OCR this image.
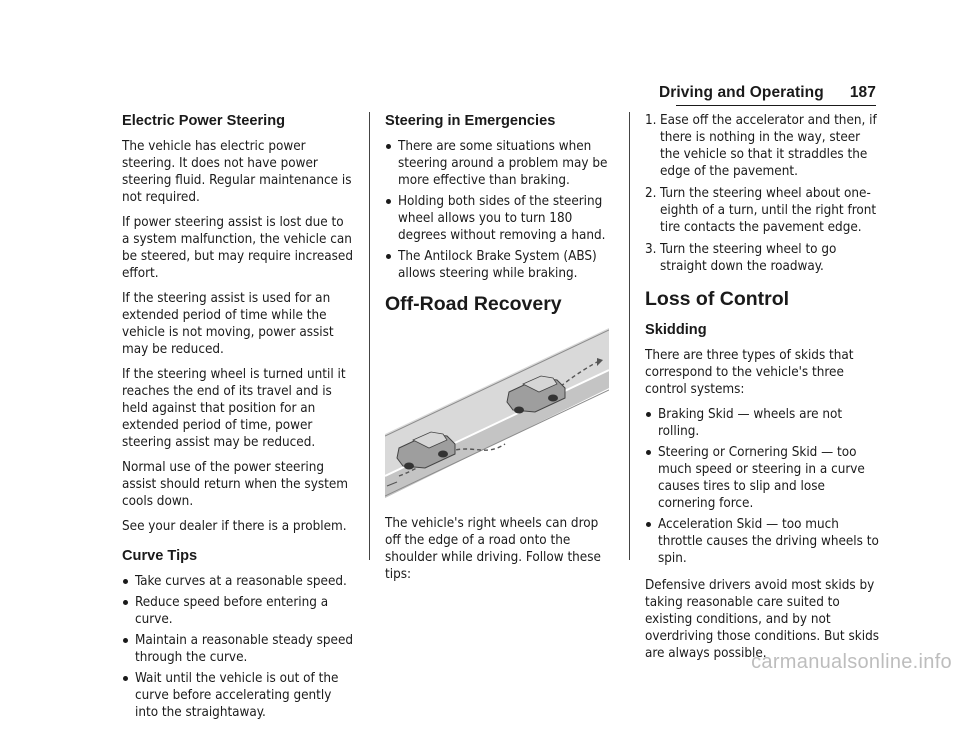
Driving and Operating 187
Electric Power Steering

The vehicle has electric power steering. It does not have power steering fluid. Regular maintenance is not required.

If power steering assist is lost due to a system malfunction, the vehicle can be steered, but may require increased effort.

If the steering assist is used for an extended period of time while the vehicle is not moving, power assist may be reduced.

If the steering wheel is turned until it reaches the end of its travel and is held against that position for an extended period of time, power steering assist may be reduced.

Normal use of the power steering assist should return when the system cools down.

See your dealer if there is a problem.

Curve Tips
Take curves at a reasonable speed.
Reduce speed before entering a curve.
Maintain a reasonable steady speed through the curve.
Wait until the vehicle is out of the curve before accelerating gently into the straightaway.
Steering in Emergencies
There are some situations when steering around a problem may be more effective than braking.
Holding both sides of the steering wheel allows you to turn 180 degrees without removing a hand.
The Antilock Brake System (ABS) allows steering while braking.
Off-Road Recovery

The vehicle's right wheels can drop off the edge of a road onto the shoulder while driving. Follow these tips:

1. Ease off the accelerator and then, if there is nothing in the way, steer the vehicle so that it straddles the edge of the pavement.
2. Turn the steering wheel about one-eighth of a turn, until the right front tire contacts the pavement edge.
3. Turn the steering wheel to go straight down the roadway.
Loss of Control
Skidding

There are three types of skids that correspond to the vehicle's three control systems:

Braking Skid — wheels are not rolling.
Steering or Cornering Skid — too much speed or steering in a curve causes tires to slip and lose cornering force.
Acceleration Skid — too much throttle causes the driving wheels to spin.

Defensive drivers avoid most skids by taking reasonable care suited to existing conditions, and by not overdriving those conditions. But skids are always possible.

carmanualsonline.info
